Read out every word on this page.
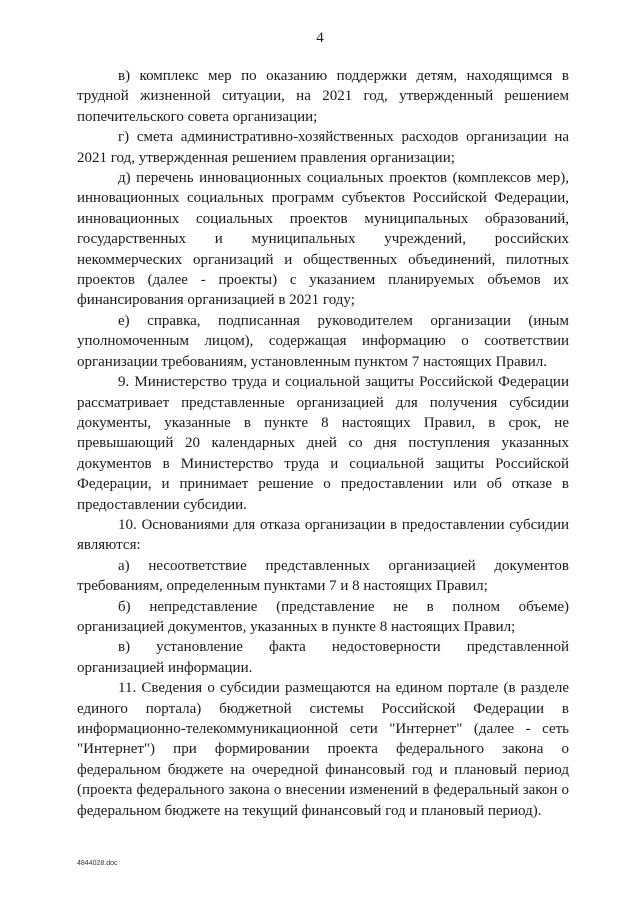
4

в) комплекс мер по оказанию поддержки детям, находящимся в трудной жизненной ситуации, на 2021 год, утвержденный решением попечительского совета организации;

г) смета административно-хозяйственных расходов организации на 2021 год, утвержденная решением правления организации;

д) перечень инновационных социальных проектов (комплексов мер), инновационных социальных программ субъектов Российской Федерации, инновационных социальных проектов муниципальных образований, государственных и муниципальных учреждений, российских некоммерческих организаций и общественных объединений, пилотных проектов (далее - проекты) с указанием планируемых объемов их финансирования организацией в 2021 году;

е) справка, подписанная руководителем организации (иным уполномоченным лицом), содержащая информацию о соответствии организации требованиям, установленным пунктом 7 настоящих Правил.

9. Министерство труда и социальной защиты Российской Федерации рассматривает представленные организацией для получения субсидии документы, указанные в пункте 8 настоящих Правил, в срок, не превышающий 20 календарных дней со дня поступления указанных документов в Министерство труда и социальной защиты Российской Федерации, и принимает решение о предоставлении или об отказе в предоставлении субсидии.

10. Основаниями для отказа организации в предоставлении субсидии являются:

а) несоответствие представленных организацией документов требованиям, определенным пунктами 7 и 8 настоящих Правил;

б) непредставление (представление не в полном объеме) организацией документов, указанных в пункте 8 настоящих Правил;

в) установление факта недостоверности представленной организацией информации.

11. Сведения о субсидии размещаются на едином портале (в разделе единого портала) бюджетной системы Российской Федерации в информационно-телекоммуникационной сети "Интернет" (далее - сеть "Интернет") при формировании проекта федерального закона о федеральном бюджете на очередной финансовый год и плановый период (проекта федерального закона о внесении изменений в федеральный закон о федеральном бюджете на текущий финансовый год и плановый период).

4844028.doc
